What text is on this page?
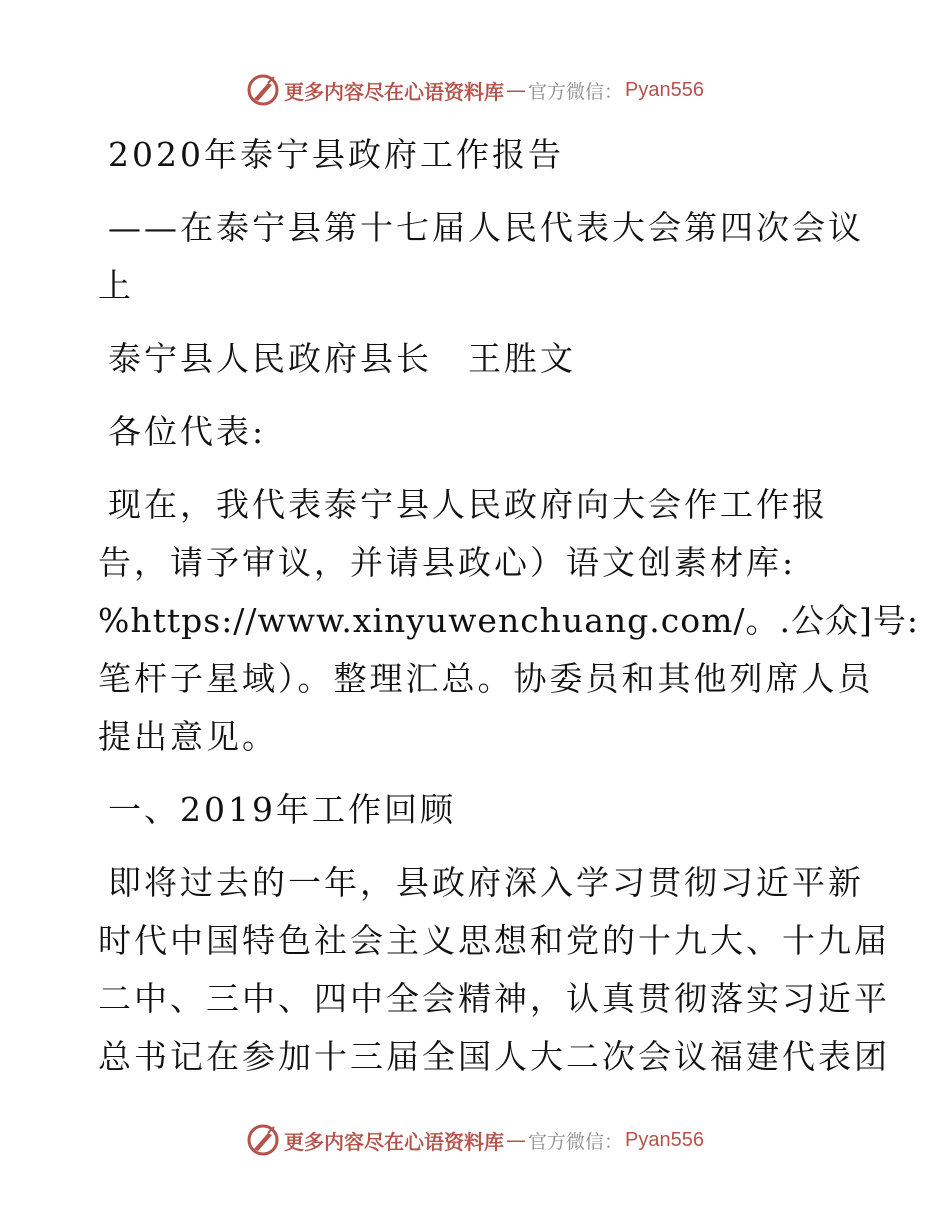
更多内容尽在心语资料库 — 官方微信： Pyan556
2020年泰宁县政府工作报告
——在泰宁县第十七届人民代表大会第四次会议
上
泰宁县人民政府县长　王胜文
各位代表:
现在，我代表泰宁县人民政府向大会作工作报
告，请予审议，并请县政心）语文创素材库:
%https://www.xinyuwenchuang.com/。.公众]号:
笔杆子星域）。整理汇总。协委员和其他列席人员
提出意见。
一、2019年工作回顾
即将过去的一年，县政府深入学习贯彻习近平新
时代中国特色社会主义思想和党的十九大、十九届
二中、三中、四中全会精神，认真贯彻落实习近平
总书记在参加十三届全国人大二次会议福建代表团
更多内容尽在心语资料库 — 官方微信： Pyan556
